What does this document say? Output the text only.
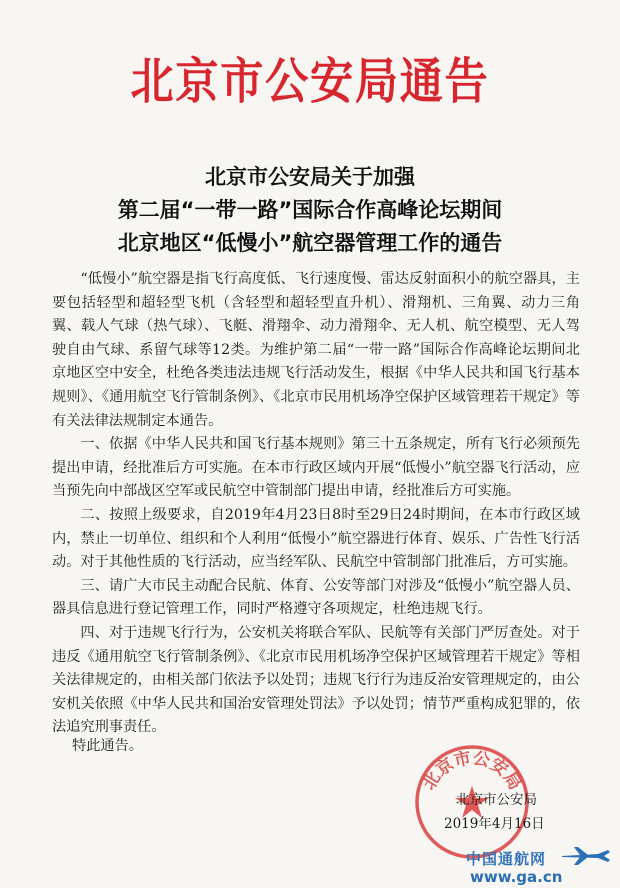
北京市公安局通告
北京市公安局关于加强
第二届“一带一路”国际合作高峰论坛期间
北京地区“低慢小”航空器管理工作的通告

“低慢小”航空器是指飞行高度低、飞行速度慢、雷达反射面积小的航空器具，主要包括轻型和超轻型飞机（含轻型和超轻型直升机）、滑翔机、三角翼、动力三角翼、载人气球（热气球）、飞艇、滑翔伞、动力滑翔伞、无人机、航空模型、无人驾驶自由气球、系留气球等12类。为维护第二届“一带一路”国际合作高峰论坛期间北京地区空中安全，杜绝各类违法违规飞行活动发生，根据《中华人民共和国飞行基本规则》、《通用航空飞行管制条例》、《北京市民用机场净空保护区域管理若干规定》等有关法律法规制定本通告。

一、依据《中华人民共和国飞行基本规则》第三十五条规定，所有飞行必须预先提出申请，经批准后方可实施。在本市行政区域内开展“低慢小”航空器飞行活动，应当预先向中部战区空军或民航空中管制部门提出申请，经批准后方可实施。

二、按照上级要求，自2019年4月23日8时至29日24时期间，在本市行政区域内，禁止一切单位、组织和个人利用“低慢小”航空器进行体育、娱乐、广告性飞行活动。对于其他性质的飞行活动，应当经军队、民航空中管制部门批准后，方可实施。

三、请广大市民主动配合民航、体育、公安等部门对涉及“低慢小”航空器人员、器具信息进行登记管理工作，同时严格遵守各项规定，杜绝违规飞行。

四、对于违规飞行行为，公安机关将联合军队、民航等有关部门严厉查处。对于违反《通用航空飞行管制条例》、《北京市民用机场净空保护区域管理若干规定》等相关法律规定的，由相关部门依法予以处罚；违规飞行行为违反治安管理规定的，由公安机关依照《中华人民共和国治安管理处罚法》予以处罚；情节严重构成犯罪的，依法追究刑事责任。

特此通告。
北京市公安局
北京市公安局
2019年4月16日
中国通航网
www.ga.cn
